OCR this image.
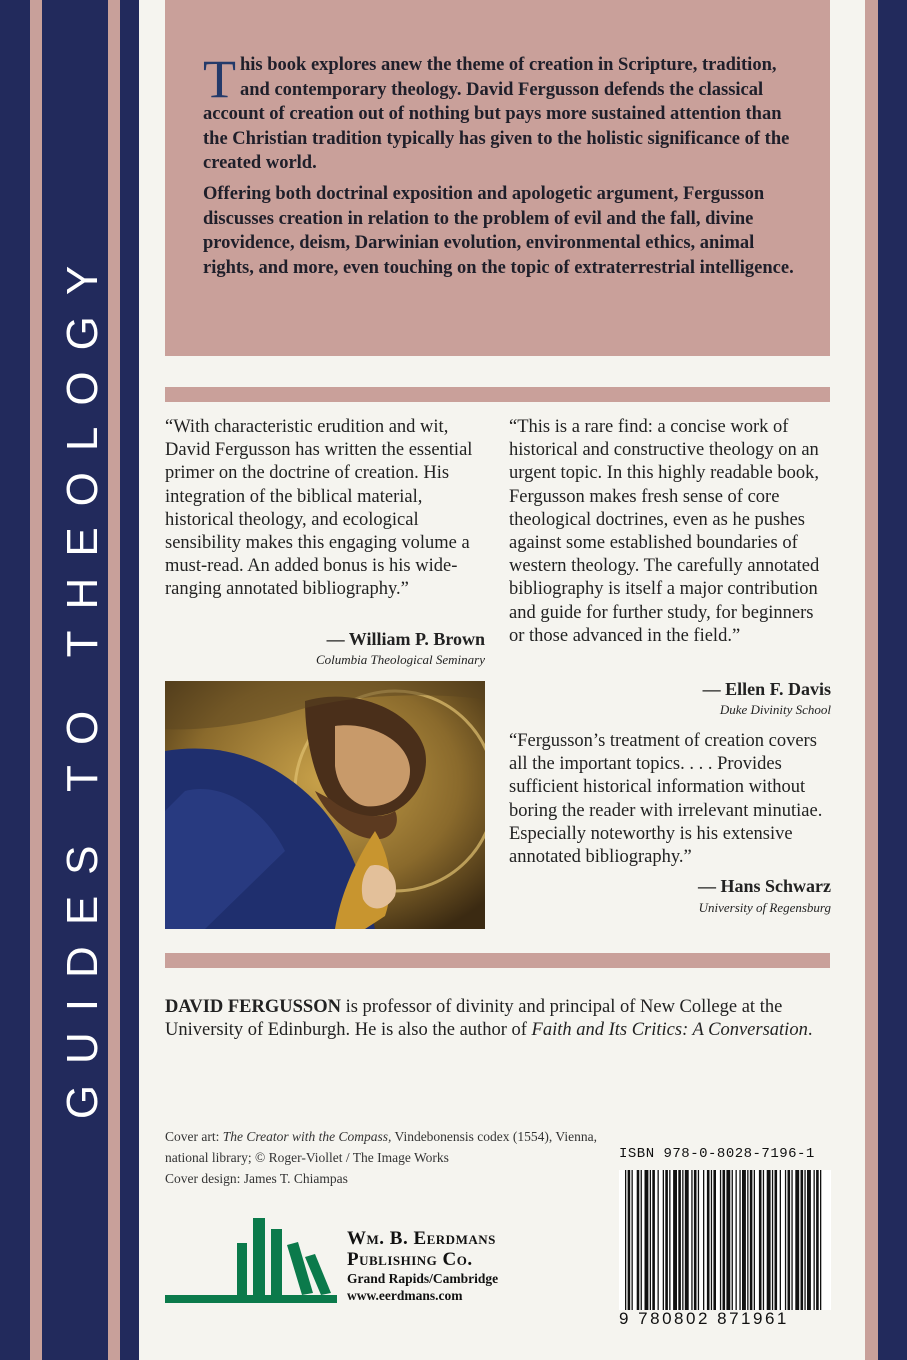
GUIDES TO THEOLOGY

This book explores anew the theme of creation in Scripture, tradition, and contemporary theology. David Fergusson defends the classical account of creation out of nothing but pays more sustained attention than the Christian tradition typically has given to the holistic significance of the created world.

Offering both doctrinal exposition and apologetic argument, Fergusson discusses creation in relation to the problem of evil and the fall, divine providence, deism, Darwinian evolution, environmental ethics, animal rights, and more, even touching on the topic of extraterrestrial intelligence.

“With characteristic erudition and wit, David Fergusson has written the essential primer on the doctrine of creation. His integration of the biblical material, historical theology, and ecological sensibility makes this engaging volume a must-read. An added bonus is his wide-ranging annotated bibliography.”

— William P. Brown
Columbia Theological Seminary

“This is a rare find: a concise work of historical and constructive theology on an urgent topic. In this highly readable book, Fergusson makes fresh sense of core theological doctrines, even as he pushes against some established boundaries of western theology. The carefully annotated bibliography is itself a major contribution and guide for further study, for beginners or those advanced in the field.”

— Ellen F. Davis
Duke Divinity School

“Fergusson’s treatment of creation covers all the important topics. . . . Provides sufficient historical information without boring the reader with irrelevant minutiae. Especially noteworthy is his extensive annotated bibliography.”

— Hans Schwarz
University of Regensburg

DAVID FERGUSSON is professor of divinity and principal of New College at the University of Edinburgh. He is also the author of Faith and Its Critics: A Conversation.

Cover art: The Creator with the Compass, Vindebonensis codex (1554), Vienna, national library; © Roger-Viollet / The Image Works
Cover design: James T. Chiampas

ISBN 978-0-8028-7196-1
9 780802 871961
Wm. B. Eerdmans
Publishing Co.
Grand Rapids/Cambridge
www.eerdmans.com
